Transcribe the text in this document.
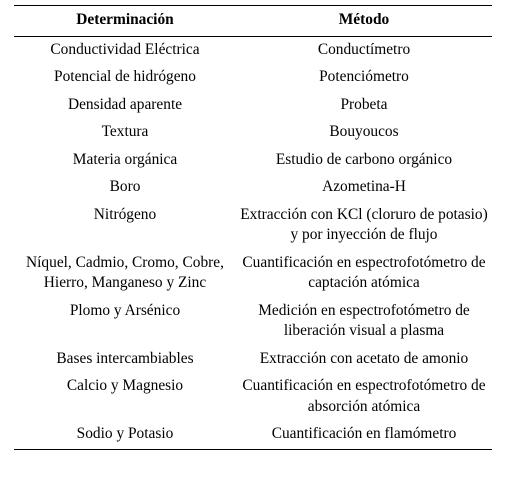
Determinación	Método
Conductividad Eléctrica	Conductímetro
Potencial de hidrógeno	Potenciómetro
Densidad aparente	Probeta
Textura	Bouyoucos
Materia orgánica	Estudio de carbono orgánico
Boro	Azometina-H
Nitrógeno	Extracción con KCl (cloruro de potasio) y por inyección de flujo
Níquel, Cadmio, Cromo, Cobre, Hierro, Manganeso y Zinc	Cuantificación en espectrofotómetro de captación atómica
Plomo y Arsénico	Medición en espectrofotómetro de liberación visual a plasma
Bases intercambiables	Extracción con acetato de amonio
Calcio y Magnesio	Cuantificación en espectrofotómetro de absorción atómica
Sodio y Potasio	Cuantificación en flamómetro
